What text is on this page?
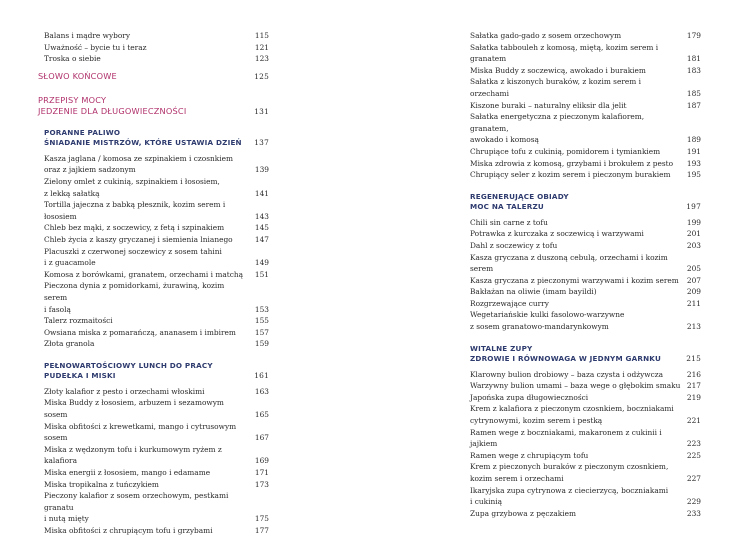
Balans i mądre wybory	115
Uważność – bycie tu i teraz	121
Troska o siebie	123
SŁOWO KOŃCOWE	125
PRZEPISY MOCY
JEDZENIE DLA DŁUGOWIECZNOŚCI	131
PORANNE PALIWO
ŚNIADANIE MISTRZÓW, KTÓRE USTAWIA DZIEŃ	137
Kasza jaglana / komosa ze szpinakiem i czosnkiem
oraz z jajkiem sadzonym	139
Zielony omlet z cukinią, szpinakiem i łososiem,
z lekką sałatką	141
Tortilla jajeczna z babką płesznik, kozim serem i łososiem	143
Chleb bez mąki, z soczewicy, z fetą i szpinakiem	145
Chleb życia z kaszy gryczanej i siemienia lnianego	147
Placuszki z czerwonej soczewicy z sosem tahini
i z guacamole	149
Komosa z borówkami, granatem, orzechami i matchą	151
Pieczona dynia z pomidorkami, żurawiną, kozim serem
i fasolą	153
Talerz rozmaitości	155
Owsiana miska z pomarańczą, ananasem i imbirem	157
Złota granola	159
PEŁNOWARTOŚCIOWY LUNCH DO PRACY
PUDEŁKA I MISKI	161
Złoty kalafior z pesto i orzechami włoskimi	163
Miska Buddy z łososiem, arbuzem i sezamowym sosem	165
Miska obfitości z krewetkami, mango i cytrusowym sosem	167
Miska z wędzonym tofu i kurkumowym ryżem z kalafiora	169
Miska energii z łososiem, mango i edamame	171
Miska tropikalna z tuńczykiem	173
Pieczony kalafior z sosem orzechowym, pestkami granatu
i nutą mięty	175
Miska obfitości z chrupiącym tofu i grzybami	177
Sałatka gado-gado z sosem orzechowym	179
Sałatka tabbouleh z komosą, miętą, kozim serem i granatem	181
Miska Buddy z soczewicą, awokado i burakiem	183
Sałatka z kiszonych buraków, z kozim serem i orzechami	185
Kiszone buraki – naturalny eliksir dla jelit	187
Sałatka energetyczna z pieczonym kalafiorem, granatem,
awokado i komosą	189
Chrupiące tofu z cukinią, pomidorem i tymiankiem	191
Miska zdrowia z komosą, grzybami i brokułem z pesto	193
Chrupiący seler z kozim serem i pieczonym burakiem	195
REGENERUJĄCE OBIADY
MOC NA TALERZU	197
Chili sin carne z tofu	199
Potrawka z kurczaka z soczewicą i warzywami	201
Dahl z soczewicy z tofu	203
Kasza gryczana z duszoną cebulą, orzechami i kozim serem	205
Kasza gryczana z pieczonymi warzywami i kozim serem	207
Bakłażan na oliwie (imam bayildi)	209
Rozgrzewające curry	211
Wegetariańskie kulki fasolowo-warzywne
z sosem granatowo-mandarynkowym	213
WITALNE ZUPY
ZDROWIE I RÓWNOWAGA W JEDNYM GARNKU	215
Klarowny bulion drobiowy – baza czysta i odżywcza	216
Warzywny bulion umami – baza wege o głębokim smaku 217
Japońska zupa długowieczności	219
Krem z kalafiora z pieczonym czosnkiem, boczniakami
cytrynowymi, kozim serem i pestką	221
Ramen wege z boczniakami, makaronem z cukinii i jajkiem	223
Ramen wege z chrupiącym tofu	225
Krem z pieczonych buraków z pieczonym czosnkiem,
kozim serem i orzechami	227
Ikaryjska zupa cytrynowa z ciecierzycą, boczniakami
i cukinią	229
Zupa grzybowa z pęczakiem	233
